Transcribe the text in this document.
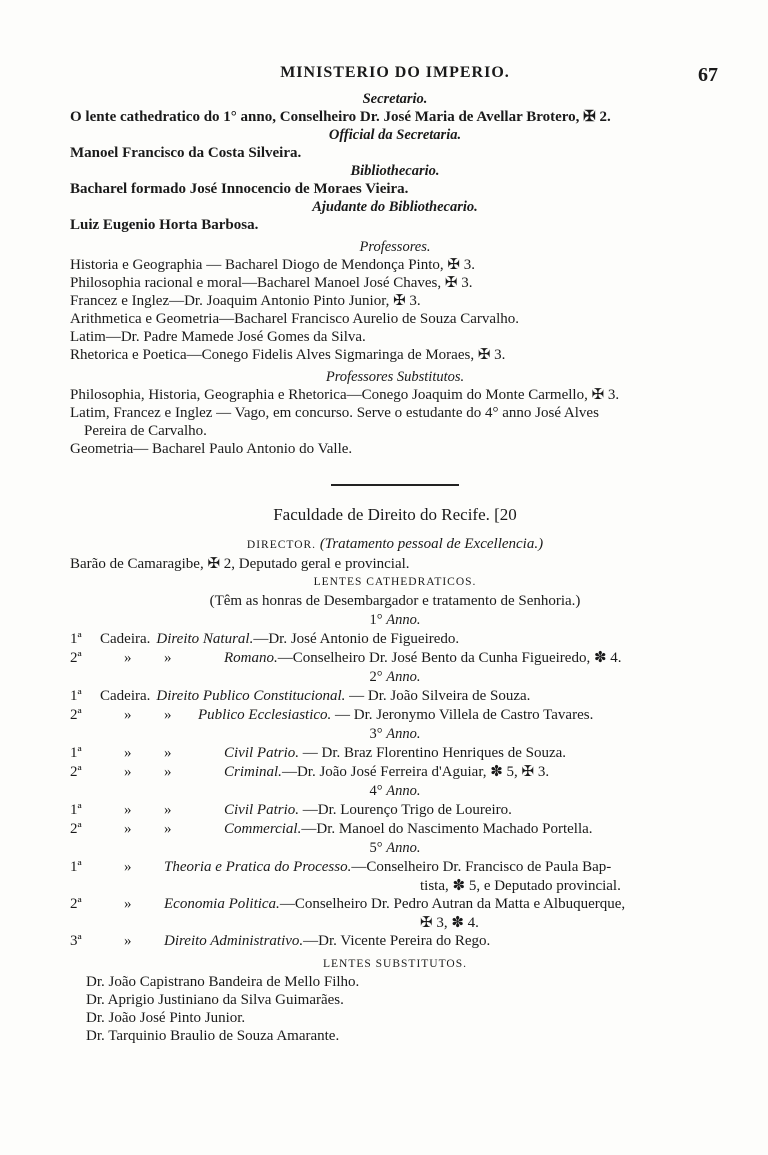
MINISTERIO DO IMPERIO.	67
Secretario.
O lente cathedratico do 1° anno, Conselheiro Dr. José Maria de Avellar Brotero, ✠ 2.
Official da Secretaria.
Manoel Francisco da Costa Silveira.
Bibliothecario.
Bacharel formado José Innocencio de Moraes Vieira.
Ajudante do Bibliothecario.
Luiz Eugenio Horta Barbosa.
Professores.
Historia e Geographia — Bacharel Diogo de Mendonça Pinto, ✠ 3.
Philosophia racional e moral—Bacharel Manoel José Chaves, ✠ 3.
Francez e Inglez—Dr. Joaquim Antonio Pinto Junior, ✠ 3.
Arithmetica e Geometria—Bacharel Francisco Aurelio de Souza Carvalho.
Latim—Dr. Padre Mamede José Gomes da Silva.
Rhetorica e Poetica—Conego Fidelis Alves Sigmaringa de Moraes, ✠ 3.
Professores Substitutos.
Philosophia, Historia, Geographia e Rhetorica—Conego Joaquim do Monte Carmello, ✠ 3.
Latim, Francez e Inglez — Vago, em concurso. Serve o estudante do 4° anno José Alves
Pereira de Carvalho.
Geometria— Bacharel Paulo Antonio do Valle.
Faculdade de Direito do Recife. [20
DIRECTOR. (Tratamento pessoal de Excellencia.)
Barão de Camaragibe, ✠ 2, Deputado geral e provincial.
LENTES CATHEDRATICOS.
(Têm as honras de Desembargador e tratamento de Senhoria.)
1° Anno.
1ª	Cadeira. Direito Natural.—Dr. José Antonio de Figueiredo.
2ª	»	»	Romano.—Conselheiro Dr. José Bento da Cunha Figueiredo, ✽ 4.
2° Anno.
1ª	Cadeira. Direito Publico Constitucional. — Dr. João Silveira de Souza.
2ª	»	»	Publico Ecclesiastico. — Dr. Jeronymo Villela de Castro Tavares.
3° Anno.
1ª	»	»	Civil Patrio. — Dr. Braz Florentino Henriques de Souza.
2ª	»	»	Criminal.—Dr. João José Ferreira d'Aguiar, ✽ 5, ✠ 3.
4° Anno.
1ª	»	»	Civil Patrio. —Dr. Lourenço Trigo de Loureiro.
2ª	»	»	Commercial.—Dr. Manoel do Nascimento Machado Portella.
5° Anno.
1ª	»	Theoria e Pratica do Processo.—Conselheiro Dr. Francisco de Paula Bap-
tista, ✽ 5, e Deputado provincial.
2ª	»	Economia Politica.—Conselheiro Dr. Pedro Autran da Matta e Albuquerque,
✠ 3, ✽ 4.
3ª	»	Direito Administrativo.—Dr. Vicente Pereira do Rego.
LENTES SUBSTITUTOS.
Dr. João Capistrano Bandeira de Mello Filho.
Dr. Aprigio Justiniano da Silva Guimarães.
Dr. João José Pinto Junior.
Dr. Tarquinio Braulio de Souza Amarante.
